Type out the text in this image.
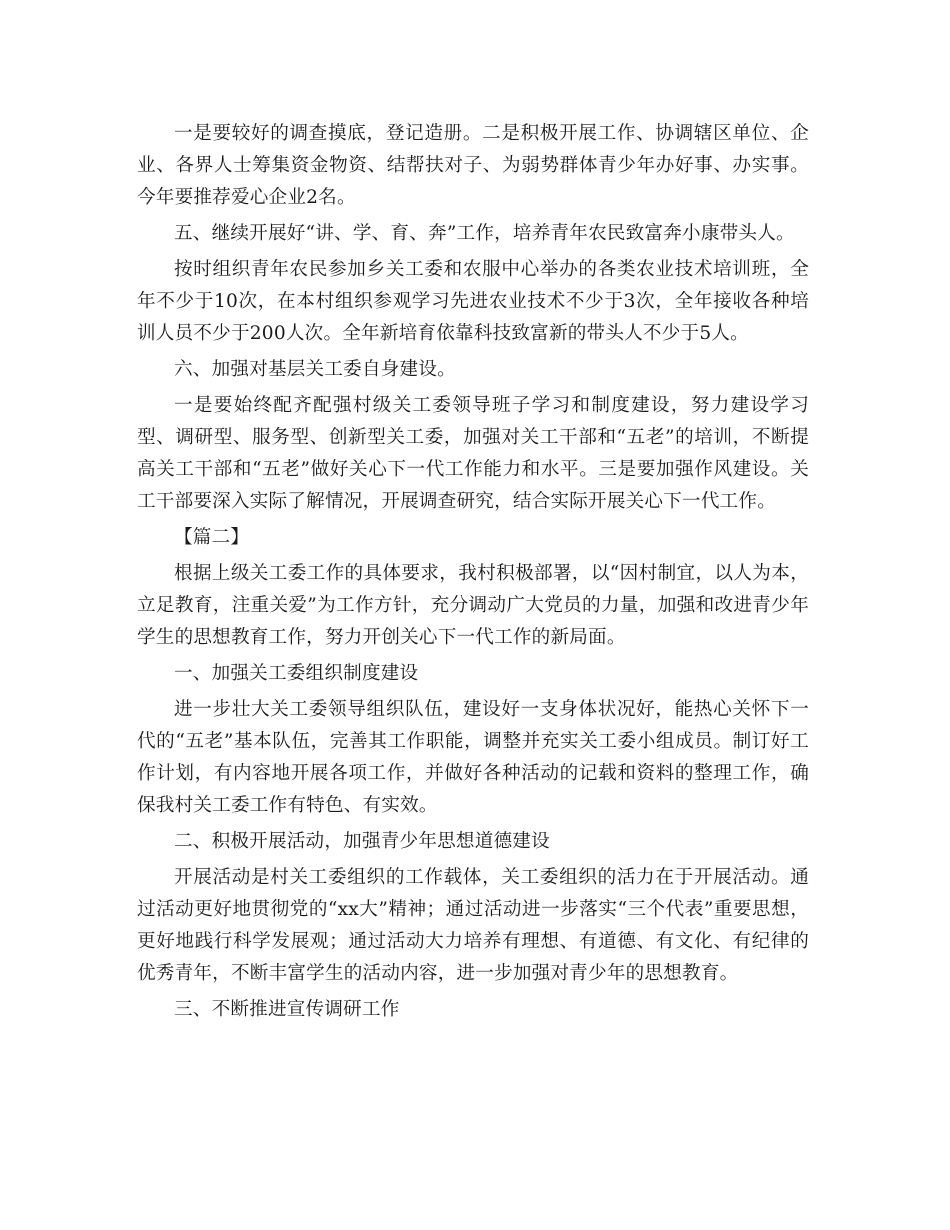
一是要较好的调查摸底，登记造册。二是积极开展工作、协调辖区单位、企业、各界人士筹集资金物资、结帮扶对子、为弱势群体青少年办好事、办实事。今年要推荐爱心企业2名。

五、继续开展好“讲、学、育、奔”工作，培养青年农民致富奔小康带头人。

按时组织青年农民参加乡关工委和农服中心举办的各类农业技术培训班，全年不少于10次，在本村组织参观学习先进农业技术不少于3次，全年接收各种培训人员不少于200人次。全年新培育依靠科技致富新的带头人不少于5人。

六、加强对基层关工委自身建设。

一是要始终配齐配强村级关工委领导班子学习和制度建设，努力建设学习型、调研型、服务型、创新型关工委，加强对关工干部和“五老”的培训，不断提高关工干部和“五老”做好关心下一代工作能力和水平。三是要加强作风建设。关工干部要深入实际了解情况，开展调查研究，结合实际开展关心下一代工作。

【篇二】

根据上级关工委工作的具体要求，我村积极部署，以“因村制宜，以人为本，立足教育，注重关爱”为工作方针，充分调动广大党员的力量，加强和改进青少年学生的思想教育工作，努力开创关心下一代工作的新局面。

一、加强关工委组织制度建设

进一步壮大关工委领导组织队伍，建设好一支身体状况好，能热心关怀下一代的“五老”基本队伍，完善其工作职能，调整并充实关工委小组成员。制订好工作计划，有内容地开展各项工作，并做好各种活动的记载和资料的整理工作，确保我村关工委工作有特色、有实效。

二、积极开展活动，加强青少年思想道德建设

开展活动是村关工委组织的工作载体，关工委组织的活力在于开展活动。通过活动更好地贯彻党的“xx大”精神；通过活动进一步落实“三个代表”重要思想，更好地践行科学发展观；通过活动大力培养有理想、有道德、有文化、有纪律的优秀青年，不断丰富学生的活动内容，进一步加强对青少年的思想教育。

三、不断推进宣传调研工作
